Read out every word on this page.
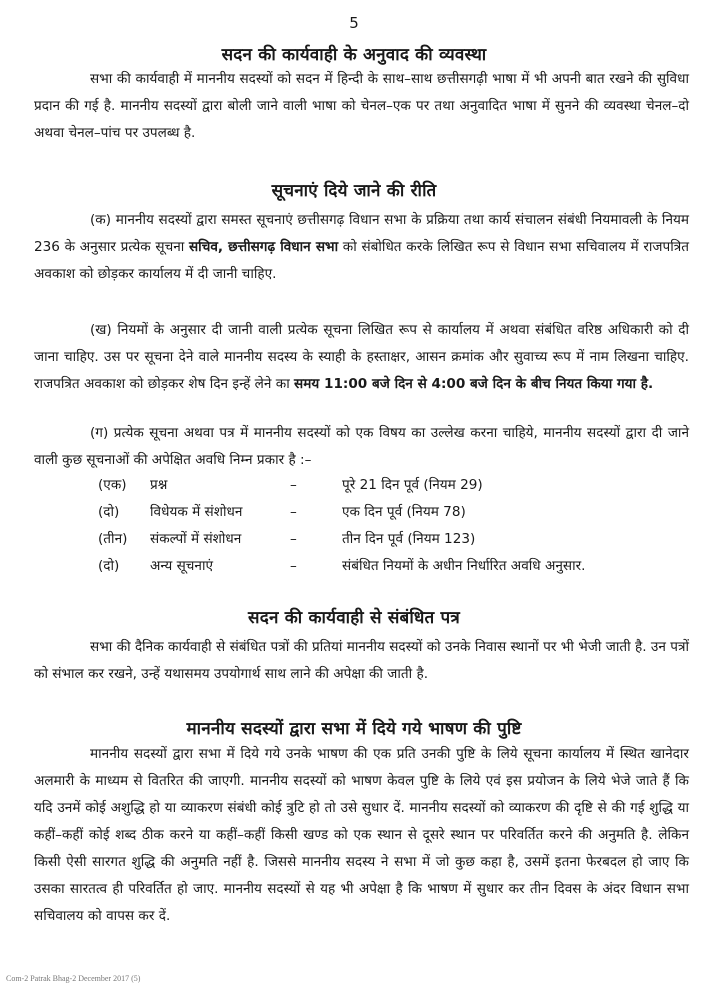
5
सदन की कार्यवाही के अनुवाद की व्यवस्था

सभा की कार्यवाही में माननीय सदस्यों को सदन में हिन्दी के साथ–साथ छत्तीसगढ़ी भाषा में भी अपनी बात रखने की सुविधा प्रदान की गई है. माननीय सदस्यों द्वारा बोली जाने वाली भाषा को चेनल–एक पर तथा अनुवादित भाषा में सुनने की व्यवस्था चेनल–दो अथवा चेनल–पांच पर उपलब्ध है.

सूचनाएं दिये जाने की रीति

(क) माननीय सदस्यों द्वारा समस्त सूचनाएं छत्तीसगढ़ विधान सभा के प्रक्रिया तथा कार्य संचालन संबंधी नियमावली के नियम 236 के अनुसार प्रत्येक सूचना सचिव, छत्तीसगढ़ विधान सभा को संबोधित करके लिखित रूप से विधान सभा सचिवालय में राजपत्रित अवकाश को छोड़कर कार्यालय में दी जानी चाहिए.

(ख) नियमों के अनुसार दी जानी वाली प्रत्येक सूचना लिखित रूप से कार्यालय में अथवा संबंधित वरिष्ठ अधिकारी को दी जाना चाहिए. उस पर सूचना देने वाले माननीय सदस्य के स्याही के हस्ताक्षर, आसन क्रमांक और सुवाच्य रूप में नाम लिखना चाहिए. राजपत्रित अवकाश को छोड़कर शेष दिन इन्हें लेने का समय 11:00 बजे दिन से 4:00 बजे दिन के बीच नियत किया गया है.

(ग) प्रत्येक सूचना अथवा पत्र में माननीय सदस्यों को एक विषय का उल्लेख करना चाहिये, माननीय सदस्यों द्वारा दी जाने वाली कुछ सूचनाओं की अपेक्षित अवधि निम्न प्रकार है :–

(एक) प्रश्न	–	पूरे 21 दिन पूर्व (नियम 29)
(दो) विधेयक में संशोधन	–	एक दिन पूर्व (नियम 78)
(तीन) संकल्पों में संशोधन	–	तीन दिन पूर्व (नियम 123)
(दो) अन्य सूचनाएं	–	संबंधित नियमों के अधीन निर्धारित अवधि अनुसार.
सदन की कार्यवाही से संबंधित पत्र

सभा की दैनिक कार्यवाही से संबंधित पत्रों की प्रतियां माननीय सदस्यों को उनके निवास स्थानों पर भी भेजी जाती है. उन पत्रों को संभाल कर रखने, उन्हें यथासमय उपयोगार्थ साथ लाने की अपेक्षा की जाती है.

माननीय सदस्यों द्वारा सभा में दिये गये भाषण की पुष्टि

माननीय सदस्यों द्वारा सभा में दिये गये उनके भाषण की एक प्रति उनकी पुष्टि के लिये सूचना कार्यालय में स्थित खानेदार अलमारी के माध्यम से वितरित की जाएगी. माननीय सदस्यों को भाषण केवल पुष्टि के लिये एवं इस प्रयोजन के लिये भेजे जाते हैं कि यदि उनमें कोई अशुद्धि हो या व्याकरण संबंधी कोई त्रुटि हो तो उसे सुधार दें. माननीय सदस्यों को व्याकरण की दृष्टि से की गई शुद्धि या कहीं–कहीं कोई शब्द ठीक करने या कहीं–कहीं किसी खण्ड को एक स्थान से दूसरे स्थान पर परिवर्तित करने की अनुमति है. लेकिन किसी ऐसी सारगत शुद्धि की अनुमति नहीं है. जिससे माननीय सदस्य ने सभा में जो कुछ कहा है, उसमें इतना फेरबदल हो जाए कि उसका सारतत्व ही परिवर्तित हो जाए. माननीय सदस्यों से यह भी अपेक्षा है कि भाषण में सुधार कर तीन दिवस के अंदर विधान सभा सचिवालय को वापस कर दें.

Com-2 Patrak Bhag-2 December 2017 (5)
